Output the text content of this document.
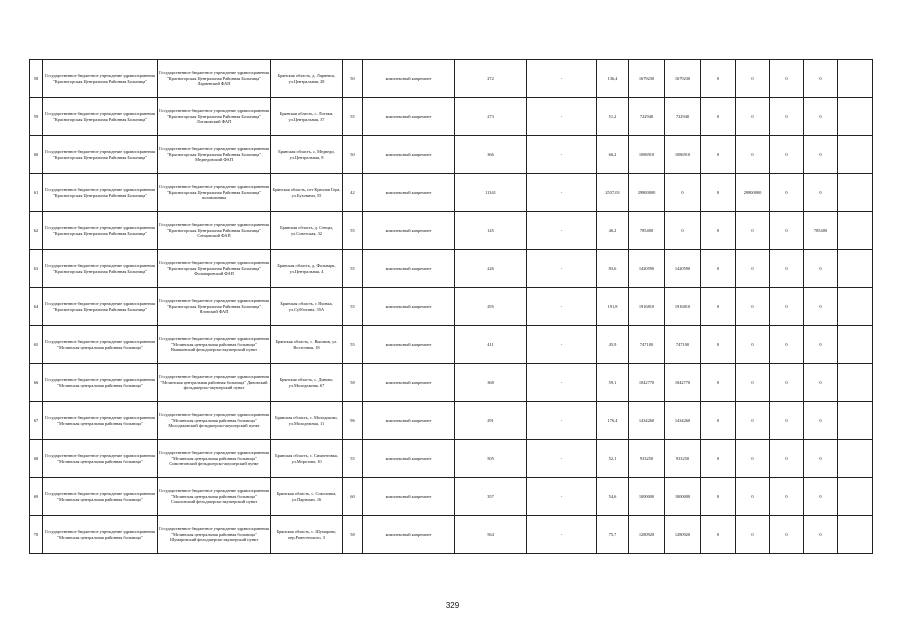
58	Государственное бюджетное учреждение здравоохранения "Красногорская Центральная Районная Больница"	Государственное бюджетное учреждение здравоохранения "Красногорская Центральная Районная Больница" Ларневский ФАП	Брянская область, д. Ларневск, ул.Центральная, 28	50	комплексный капремонт	272	-	136,4	1679230	1679230	0	0	0	0	
59	Государственное бюджетное учреждение здравоохранения "Красногорская Центральная Районная Больница"	Государственное бюджетное учреждение здравоохранения "Красногорская Центральная Районная Больница" Лотаковский ФАП	Брянская область, с. Лотаки, ул.Центральная, 37	55	комплексный капремонт	273	-	51,2	722940	722940	0	0	0	0	
60	Государственное бюджетное учреждение здравоохранения "Красногорская Центральная Районная Больница"	Государственное бюджетное учреждение здравоохранения "Красногорская Центральная Районная Больница" Медведовский ФАП	Брянская область, с. Медведи, ул.Центральная, 8	50	комплексный капремонт	366	-	66,2	1086910	1086910	0	0	0	0	
61	Государственное бюджетное учреждение здравоохранения "Красногорская Центральная Районная Больница"	Государственное бюджетное учреждение здравоохранения "Красногорская Центральная Районная Больница" поликлиника	Брянская область, пгт Красная Гора, ул.Буховичи, 55	42	комплексный капремонт	11341	-	2537,03	29800000	0	0	29800000	0	0	
62	Государственное бюджетное учреждение здравоохранения "Красногорская Центральная Районная Больница"	Государственное бюджетное учреждение здравоохранения "Красногорская Центральная Районная Больница" Сенцовский ФАП	Брянская область, д. Сенцы, ул.Советская, 32	55	комплексный капремонт	145	-	46,2	785400	0	0	0	0	785400	
63	Государственное бюджетное учреждение здравоохранения "Красногорская Центральная Районная Больница"	Государственное бюджетное учреждение здравоохранения "Красногорская Центральная Районная Больница" Фольваровский ФАП	Брянская область, д. Фольварк, ул.Центральная, 4	55	комплексный капремонт	226	-	83,6	1420590	1420590	0	0	0	0	
64	Государственное бюджетное учреждение здравоохранения "Красногорская Центральная Районная Больница"	Государственное бюджетное учреждение здравоохранения "Красногорская Центральная Районная Больница" Яловский ФАП	Брянская область, с Яловка, ул.Субботина, 35А	55	комплексный капремонт	295	-	191,8	1916810	1916810	0	0	0	0	
65	Государственное бюджетное учреждение здравоохранения "Мглинская центральная районная больница"	Государственное бюджетное учреждение здравоохранения "Мглинская центральная районная больница" Вышковский фельдшерско-акушерский пункт	Брянская область, с. Вышков, ул. Восточная, 18	55	комплексный капремонт	411	-	45,9	747100	747100	0	0	0	0	
66	Государственное бюджетное учреждение здравоохранения "Мглинская центральная районная больница"	Государственное бюджетное учреждение здравоохранения "Мглинская центральная районная больница" Дивовский фельдшерско-акушерский пункт	Брянская область, с. Дивово, ул.Молодежная, 67	58	комплексный капремонт	368	-	59,1	1042770	1042770	0	0	0	0	
67	Государственное бюджетное учреждение здравоохранения "Мглинская центральная районная больница"	Государственное бюджетное учреждение здравоохранения "Мглинская центральная районная больница" Молодьковский фельдшерско-акушерский пункт	Брянская область, с. Молодьково, ул.Молодежная, 11	96	комплексный капремонт	291	-	176,4	1434260	1434260	0	0	0	0	
68	Государственное бюджетное учреждение здравоохранения "Мглинская центральная районная больница"	Государственное бюджетное учреждение здравоохранения "Мглинская центральная районная больница" Симонтовский фельдшерско-акушерский пункт	Брянская область, с. Симонтовка, ул.Морозова, 10	55	комплексный капремонт	505	-	52,1	933250	933250	0	0	0	0	
69	Государственное бюджетное учреждение здравоохранения "Мглинская центральная районная больница"	Государственное бюджетное учреждение здравоохранения "Мглинская центральная районная больница" Соколовский фельдшерско-акушерский пункт	Брянская область, с. Соколовка, ул.Партизан, 16	60	комплексный капремонт	357	-	54,6	1000000	1000000	0	0	0	0	
70	Государственное бюджетное учреждение здравоохранения "Мглинская центральная районная больница"	Государственное бюджетное учреждение здравоохранения "Мглинская центральная районная больница" Шумаровский фельдшерско-акушерский пункт	Брянская область, с. Шумарово, пер.Ровесенского, 3	58	комплексный капремонт	564	-	75,7	1280920	1280920	0	0	0	0	
329
